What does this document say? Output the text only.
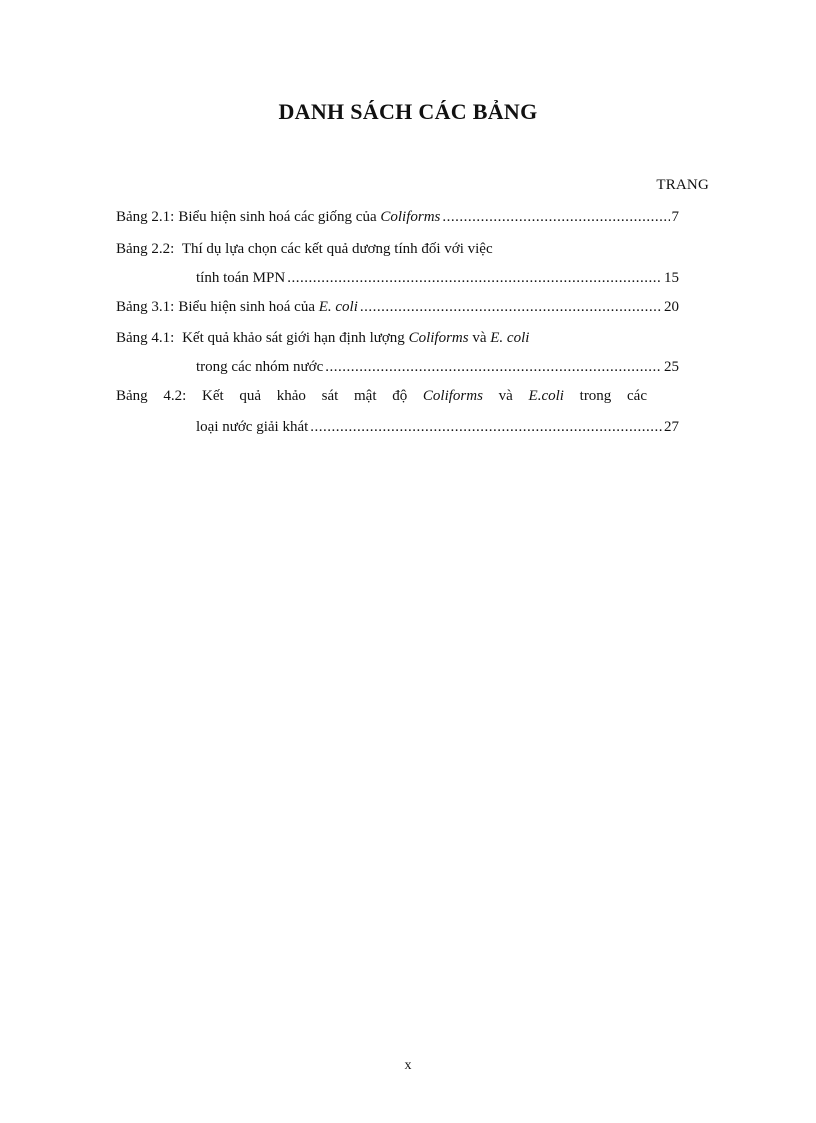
DANH SÁCH CÁC BẢNG
TRANG
Bảng 2.1: Biểu hiện sinh hoá các giống của Coliforms .....	7
Bảng 2.2: Thí dụ lựa chọn các kết quả dương tính đối với việc
tính toán MPN .....	15
Bảng 3.1: Biểu hiện sinh hoá của E. coli .....	20
Bảng 4.1: Kết quả khảo sát giới hạn định lượng Coliforms và E. coli
trong các nhóm nước .....	25
Bảng 4.2: Kết quả khảo sát mật độ Coliforms và E.coli trong các
loại nước giải khát .....	27
x
